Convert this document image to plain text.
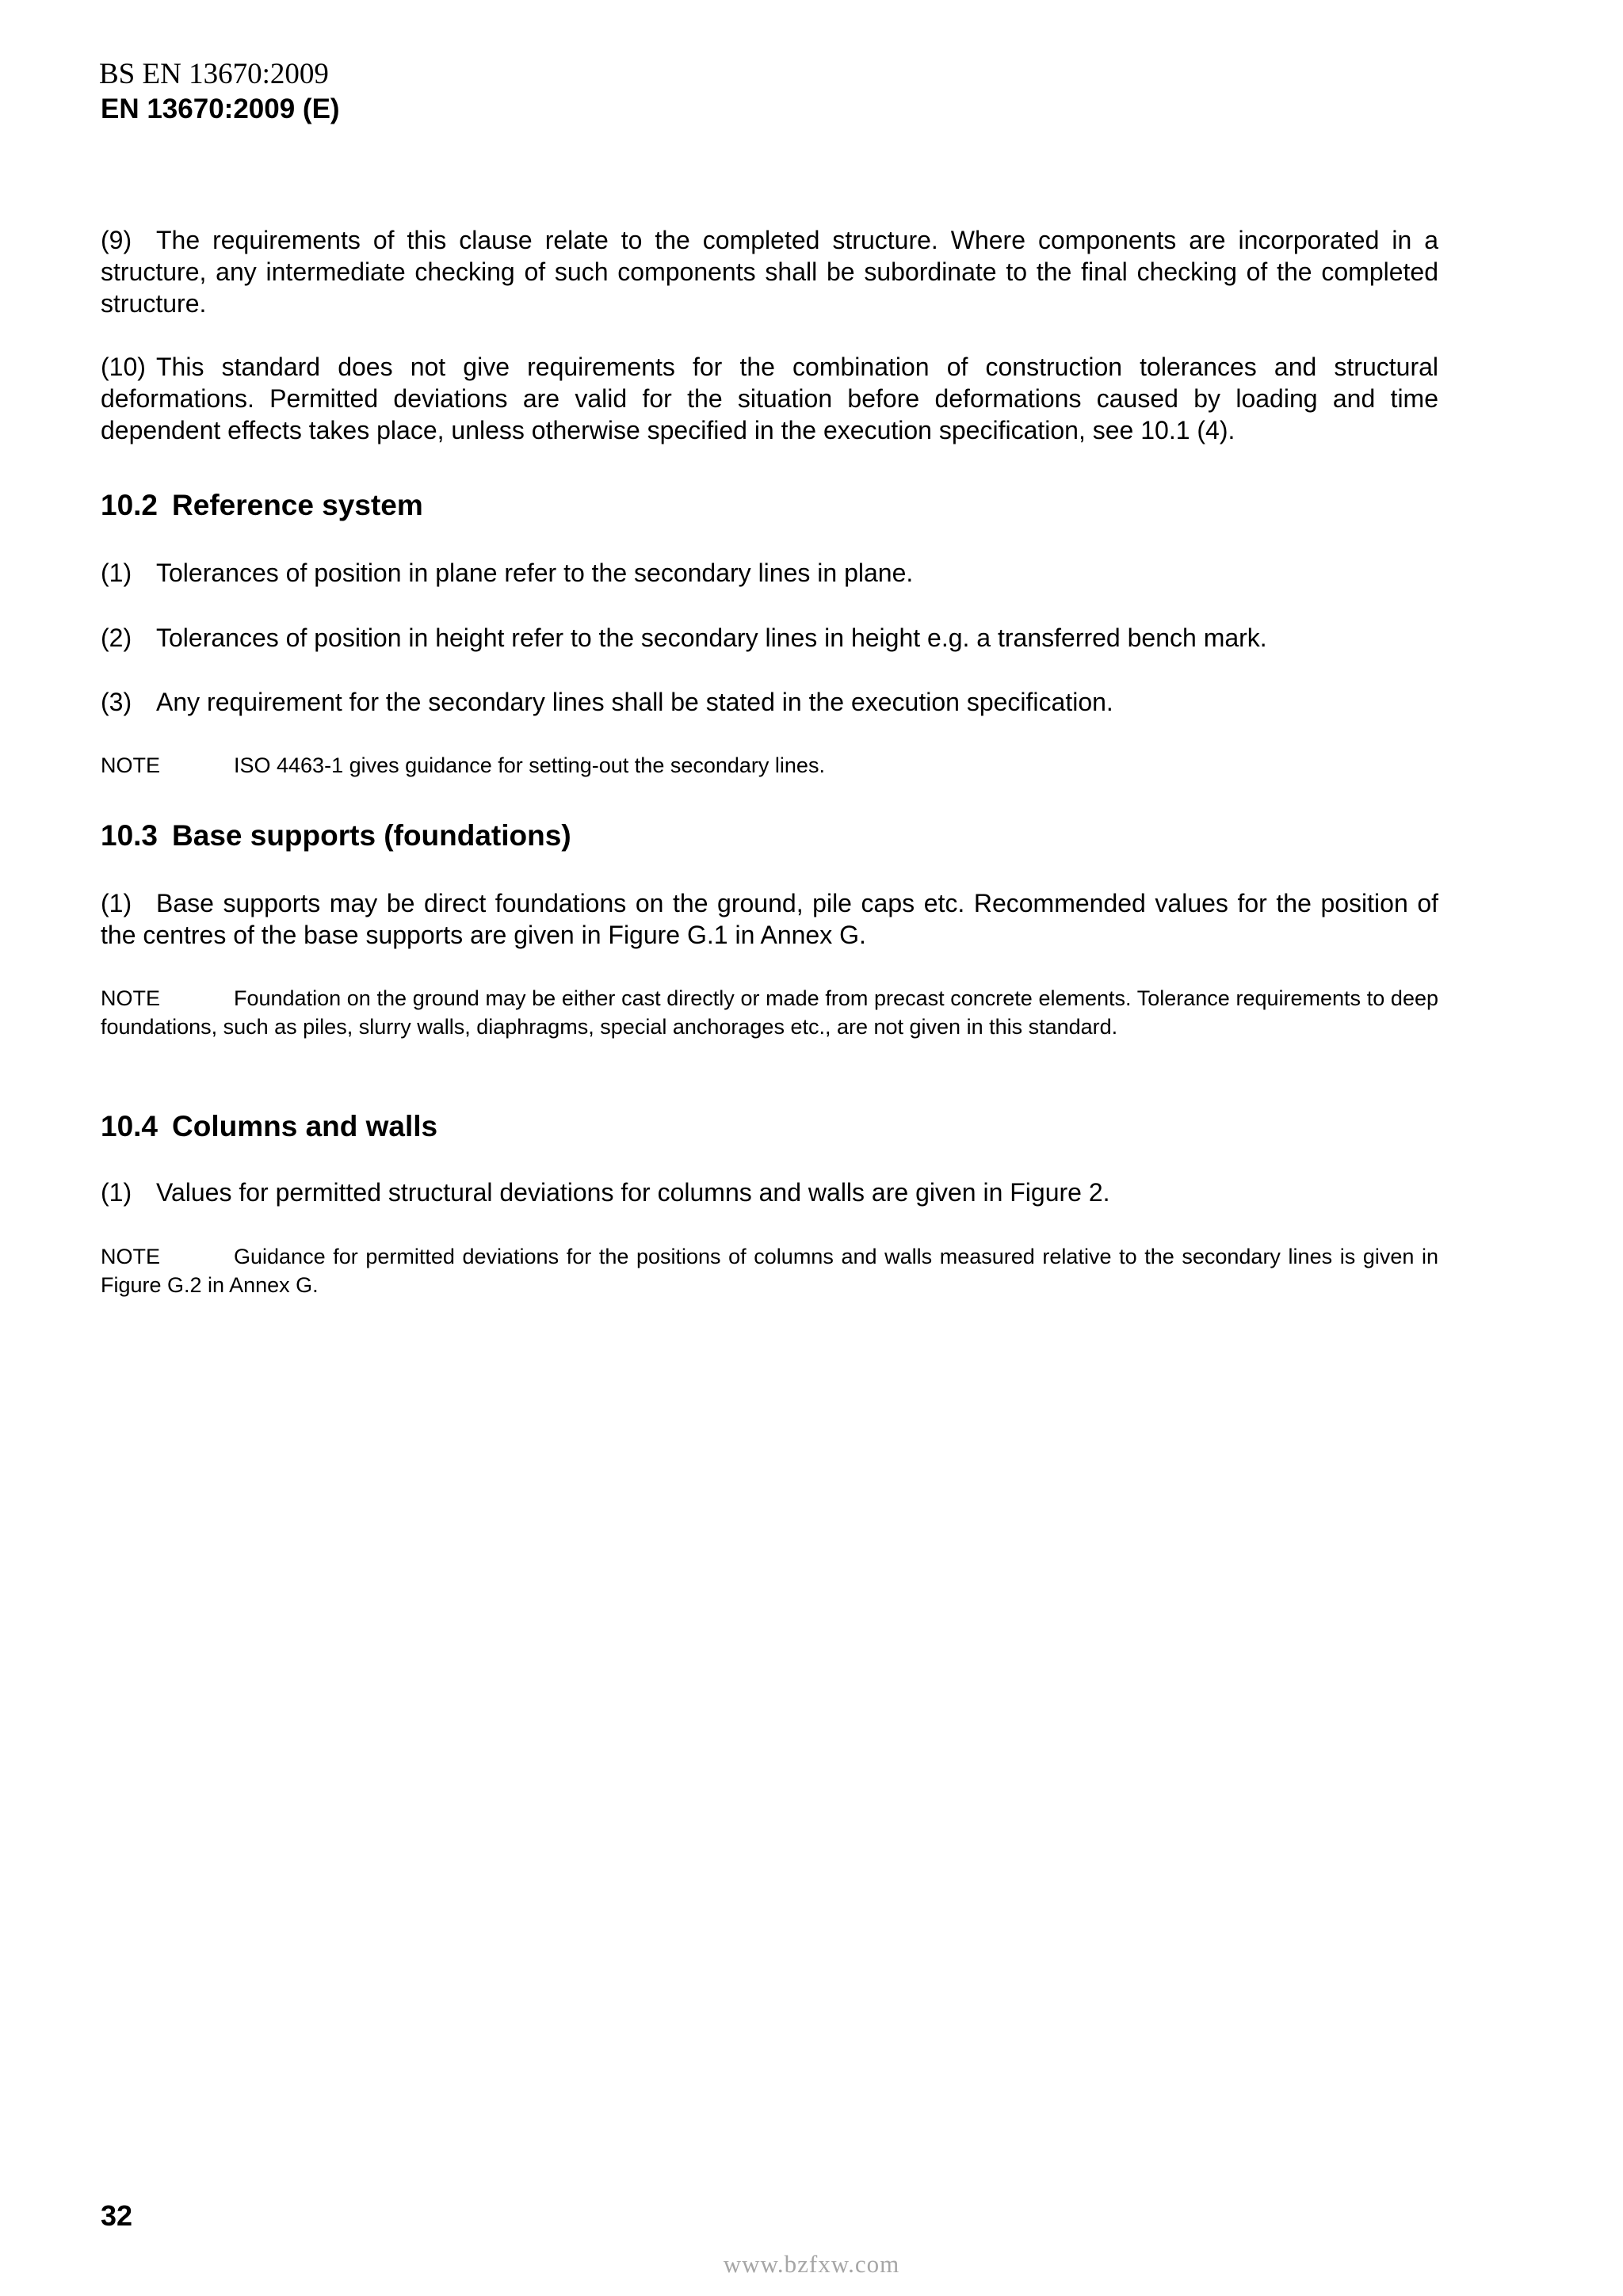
BS EN 13670:2009
EN 13670:2009 (E)
(9) The requirements of this clause relate to the completed structure. Where components are incorporated in a structure, any intermediate checking of such components shall be subordinate to the final checking of the completed structure.
(10) This standard does not give requirements for the combination of construction tolerances and structural deformations. Permitted deviations are valid for the situation before deformations caused by loading and time dependent effects takes place, unless otherwise specified in the execution specification, see 10.1 (4).
10.2 Reference system
(1) Tolerances of position in plane refer to the secondary lines in plane.
(2) Tolerances of position in height refer to the secondary lines in height e.g. a transferred bench mark.
(3) Any requirement for the secondary lines shall be stated in the execution specification.
NOTE	ISO 4463-1 gives guidance for setting-out the secondary lines.
10.3 Base supports (foundations)
(1) Base supports may be direct foundations on the ground, pile caps etc. Recommended values for the position of the centres of the base supports are given in Figure G.1 in Annex G.
NOTE	Foundation on the ground may be either cast directly or made from precast concrete elements. Tolerance requirements to deep foundations, such as piles, slurry walls, diaphragms, special anchorages etc., are not given in this standard.
10.4 Columns and walls
(1) Values for permitted structural deviations for columns and walls are given in Figure 2.
NOTE	Guidance for permitted deviations for the positions of columns and walls measured relative to the secondary lines is given in Figure G.2 in Annex G.
32
www.bzfxw.com
